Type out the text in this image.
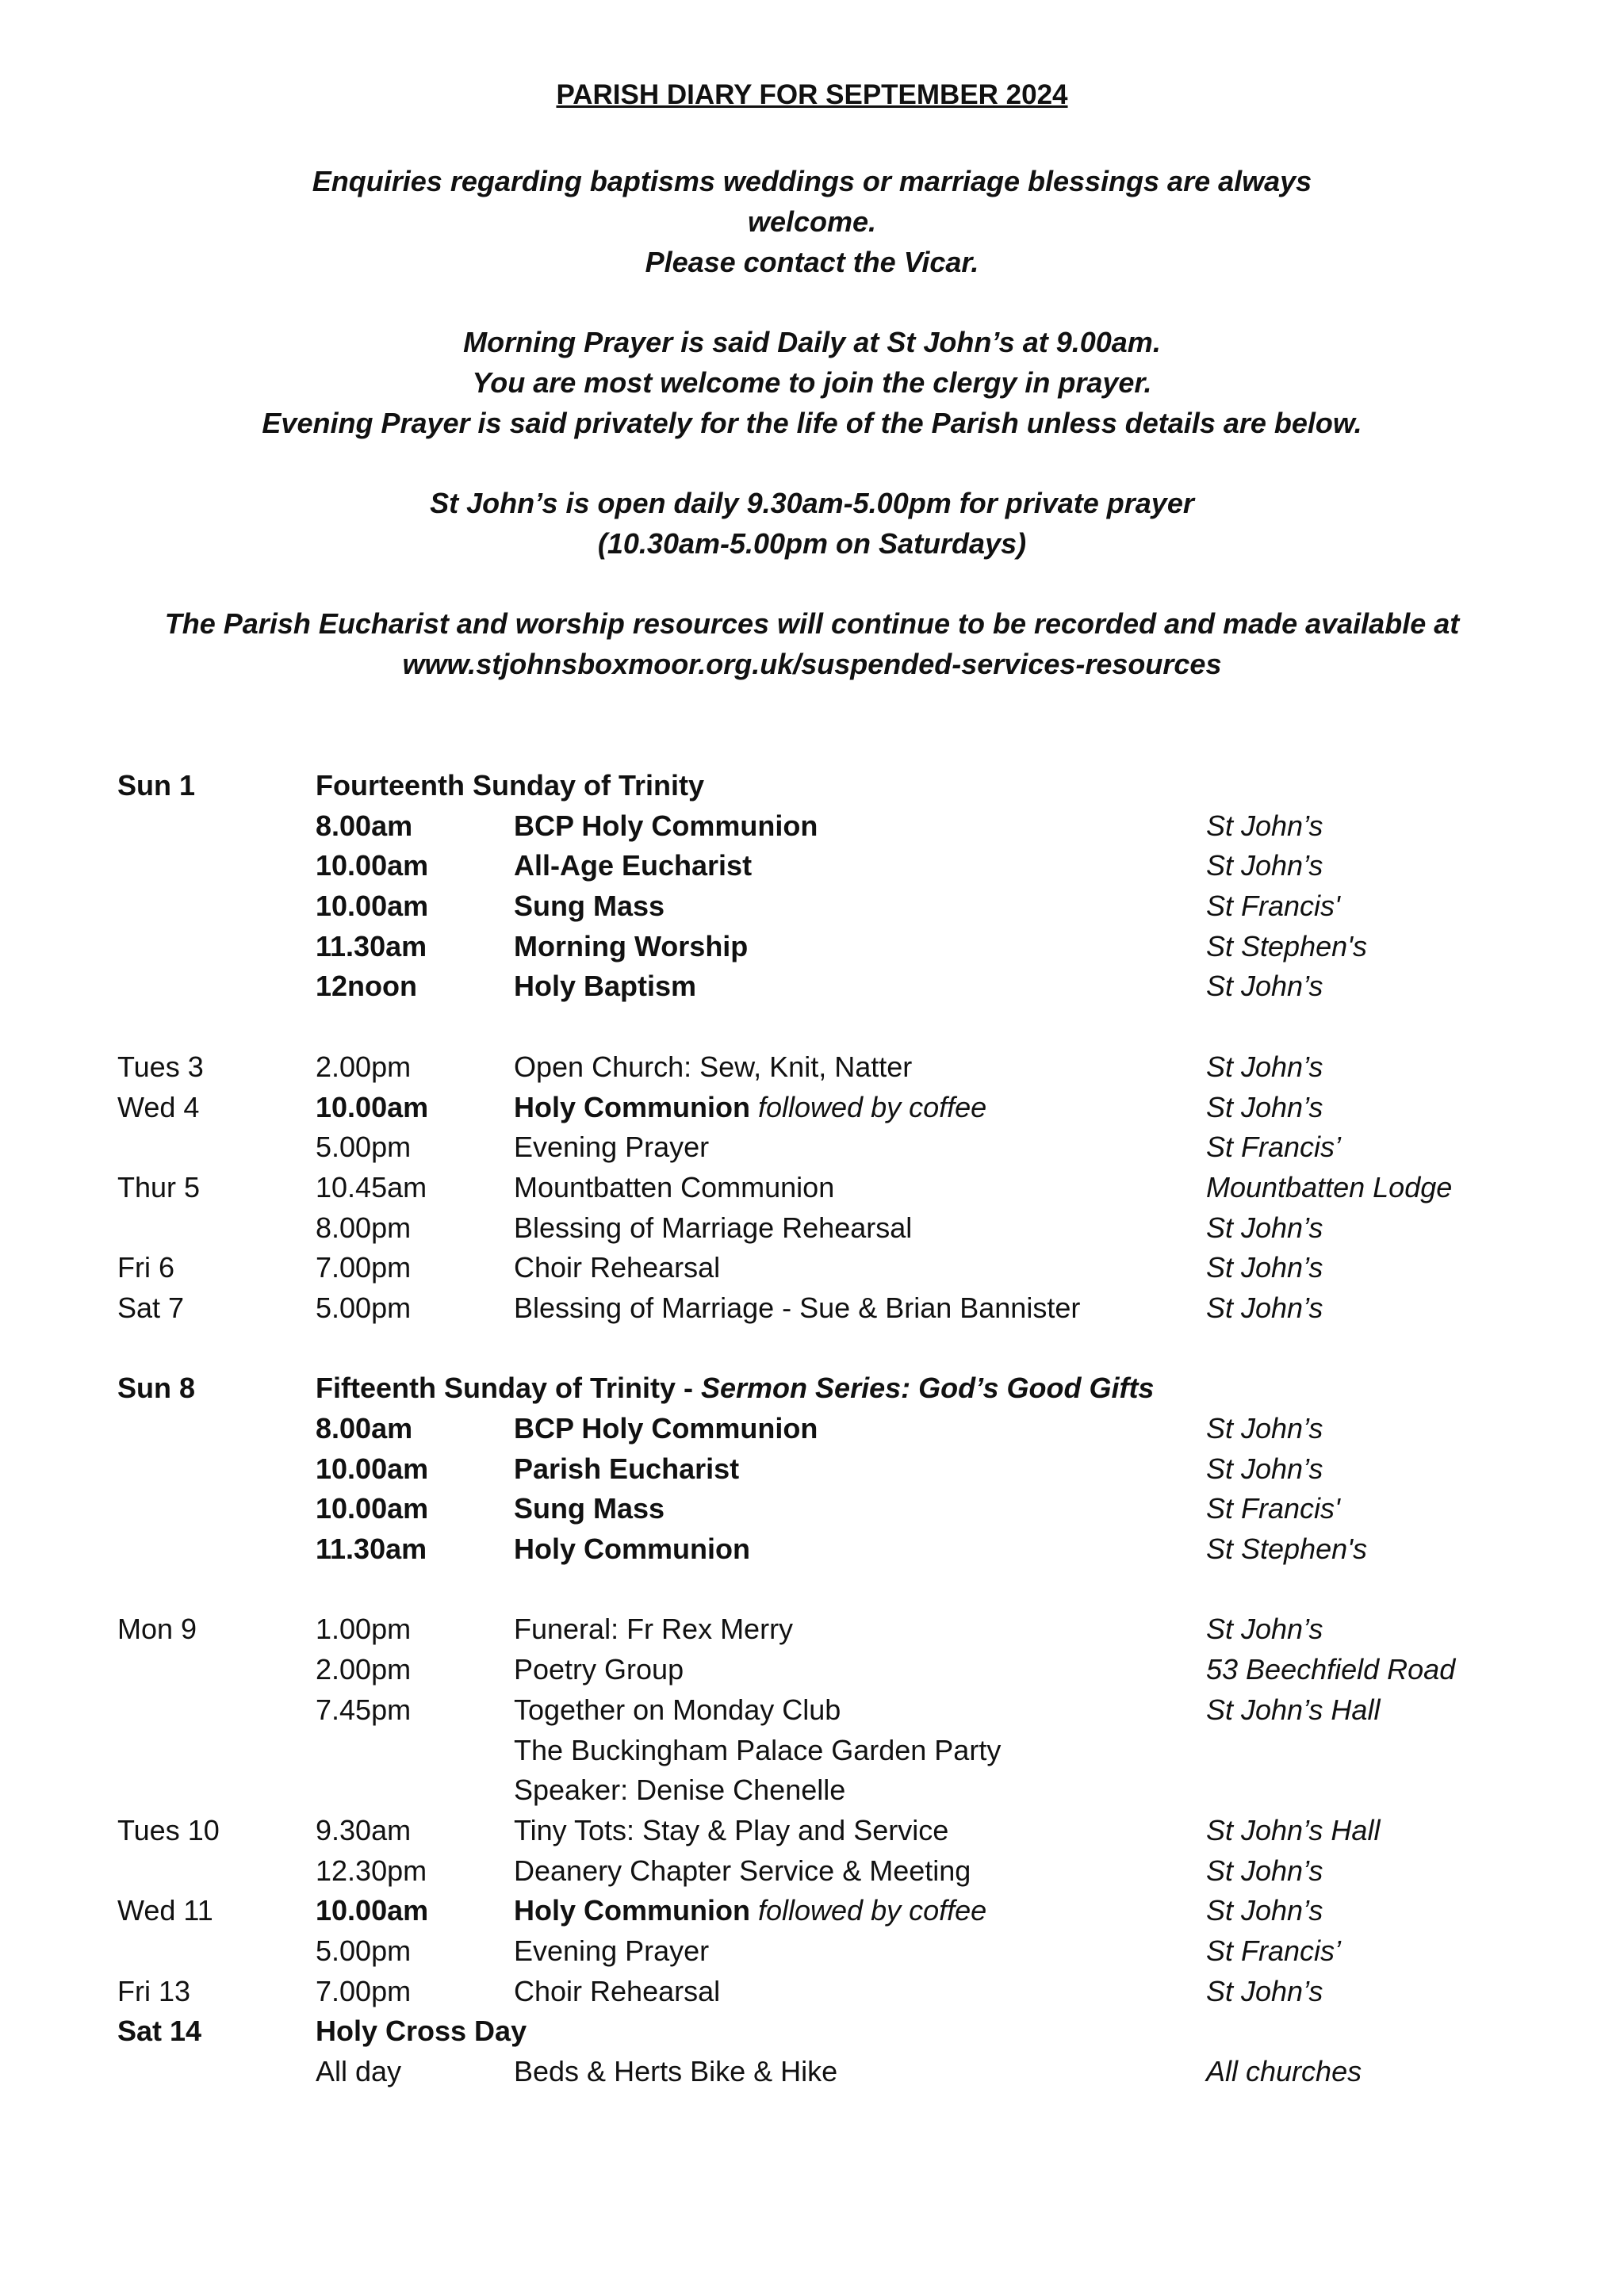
PARISH DIARY FOR SEPTEMBER 2024
Enquiries regarding baptisms weddings or marriage blessings are always
welcome.
Please contact the Vicar.
Morning Prayer is said Daily at St John’s at 9.00am.
You are most welcome to join the clergy in prayer.
Evening Prayer is said privately for the life of the Parish unless details are below.
St John’s is open daily 9.30am-5.00pm for private prayer
(10.30am-5.00pm on Saturdays)
The Parish Eucharist and worship resources will continue to be recorded and made available at
www.stjohnsboxmoor.org.uk/suspended-services-resources
Sun 1	Fourteenth Sunday of Trinity
8.00am	BCP Holy Communion	St John’s
10.00am	All-Age Eucharist	St John’s
10.00am	Sung Mass	St Francis'
11.30am	Morning Worship	St Stephen's
12noon	Holy Baptism	St John’s
Tues 3	2.00pm	Open Church: Sew, Knit, Natter	St John’s
Wed 4	10.00am	Holy Communion followed by coffee	St John’s
5.00pm	Evening Prayer	St Francis’
Thur 5	10.45am	Mountbatten Communion	Mountbatten Lodge
8.00pm	Blessing of Marriage Rehearsal	St John’s
Fri 6	7.00pm	Choir Rehearsal	St John’s
Sat 7	5.00pm	Blessing of Marriage - Sue & Brian Bannister	St John’s
Sun 8	Fifteenth Sunday of Trinity - Sermon Series: God’s Good Gifts
8.00am	BCP Holy Communion	St John’s
10.00am	Parish Eucharist	St John’s
10.00am	Sung Mass	St Francis'
11.30am	Holy Communion	St Stephen's
Mon 9	1.00pm	Funeral: Fr Rex Merry	St John’s
2.00pm	Poetry Group	53 Beechfield Road
7.45pm	Together on Monday Club	St John’s Hall
The Buckingham Palace Garden Party
Speaker: Denise Chenelle
Tues 10	9.30am	Tiny Tots: Stay & Play and Service	St John’s Hall
12.30pm	Deanery Chapter Service & Meeting	St John’s
Wed 11	10.00am	Holy Communion followed by coffee	St John’s
5.00pm	Evening Prayer	St Francis’
Fri 13	7.00pm	Choir Rehearsal	St John’s
Sat 14	Holy Cross Day
All day	Beds & Herts Bike & Hike	All churches
